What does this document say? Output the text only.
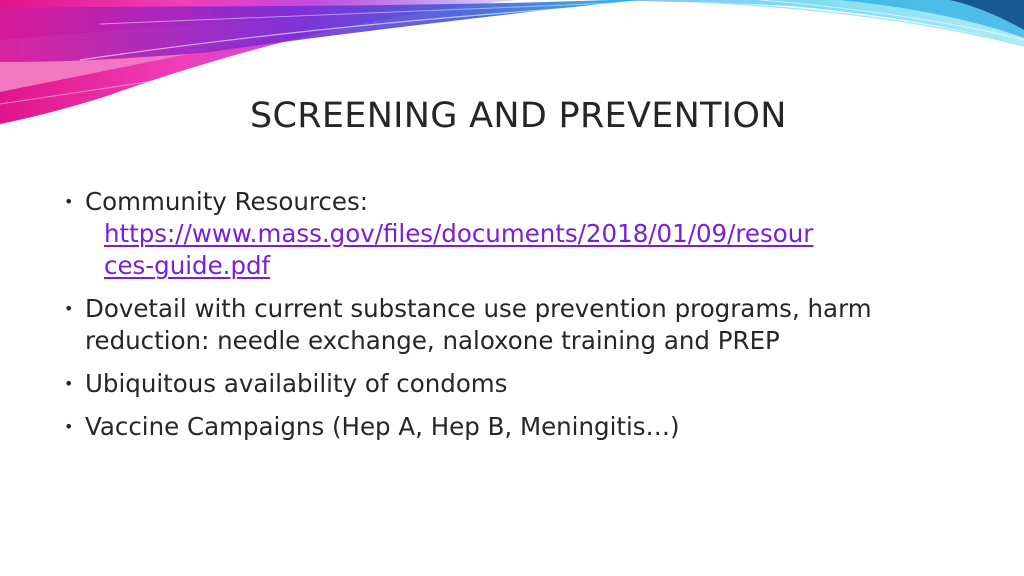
SCREENING AND PREVENTION
• Community Resources:
https://www.mass.gov/files/documents/2018/01/09/resour
ces-guide.pdf
• Dovetail with current substance use prevention programs, harm reduction: needle exchange, naloxone training and PREP
• Ubiquitous availability of condoms
• Vaccine Campaigns (Hep A, Hep B, Meningitis…)
